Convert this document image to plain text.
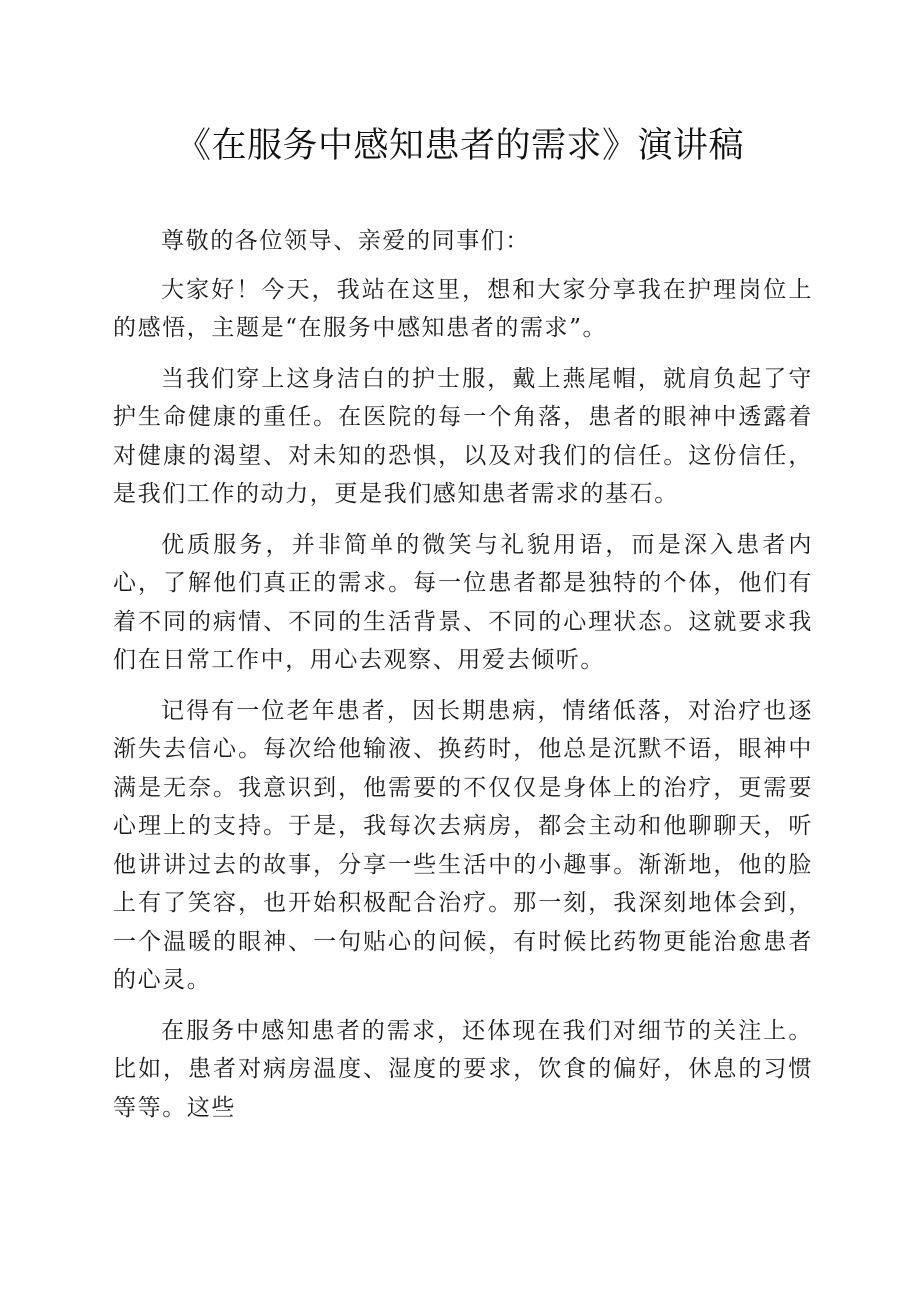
《在服务中感知患者的需求》演讲稿

尊敬的各位领导、亲爱的同事们：

大家好！今天，我站在这里，想和大家分享我在护理岗位上的感悟，主题是“在服务中感知患者的需求”。

当我们穿上这身洁白的护士服，戴上燕尾帽，就肩负起了守护生命健康的重任。在医院的每一个角落，患者的眼神中透露着对健康的渴望、对未知的恐惧，以及对我们的信任。这份信任，是我们工作的动力，更是我们感知患者需求的基石。

优质服务，并非简单的微笑与礼貌用语，而是深入患者内心，了解他们真正的需求。每一位患者都是独特的个体，他们有着不同的病情、不同的生活背景、不同的心理状态。这就要求我们在日常工作中，用心去观察、用爱去倾听。

记得有一位老年患者，因长期患病，情绪低落，对治疗也逐渐失去信心。每次给他输液、换药时，他总是沉默不语，眼神中满是无奈。我意识到，他需要的不仅仅是身体上的治疗，更需要心理上的支持。于是，我每次去病房，都会主动和他聊聊天，听他讲讲过去的故事，分享一些生活中的小趣事。渐渐地，他的脸上有了笑容，也开始积极配合治疗。那一刻，我深刻地体会到，一个温暖的眼神、一句贴心的问候，有时候比药物更能治愈患者的心灵。

在服务中感知患者的需求，还体现在我们对细节的关注上。比如，患者对病房温度、湿度的要求，饮食的偏好，休息的习惯等等。这些
